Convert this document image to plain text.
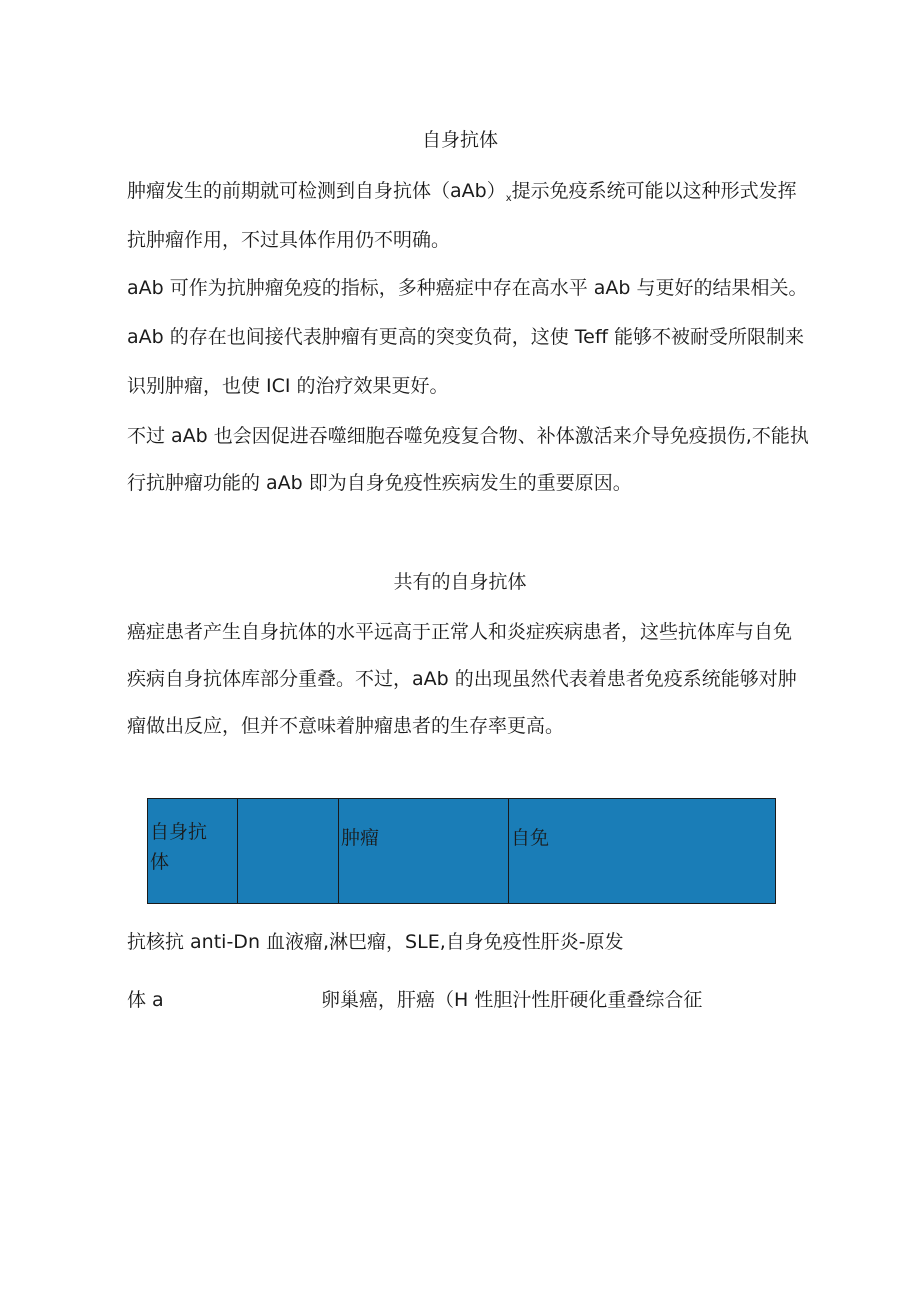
自身抗体
肿瘤发生的前期就可检测到自身抗体$(aAb)_x$提示免疫系统可能以这种形式发挥
抗肿瘤作用，不过具体作用仍不明确。
aAb 可作为抗肿瘤免疫的指标，多种癌症中存在高水平 aAb 与更好的结果相关。
aAb 的存在也间接代表肿瘤有更高的突变负荷，这使 Teff 能够不被耐受所限制来
识别肿瘤，也使 ICI 的治疗效果更好。
不过 aAb 也会因促进吞噬细胞吞噬免疫复合物、补体激活来介导免疫损伤,不能执
行抗肿瘤功能的 aAb 即为自身免疫性疾病发生的重要原因。
共有的自身抗体
癌症患者产生自身抗体的水平远高于正常人和炎症疾病患者，这些抗体库与自免
疾病自身抗体库部分重叠。不过，aAb 的出现虽然代表着患者免疫系统能够对肿
瘤做出反应，但并不意味着肿瘤患者的生存率更高。
自身抗体
肿瘤	自免
抗核抗 anti-Dn 血液瘤,淋巴瘤，SLE,自身免疫性肝炎-原发
体 a	卵巢癌，肝癌（H 性胆汁性肝硬化重叠综合征
